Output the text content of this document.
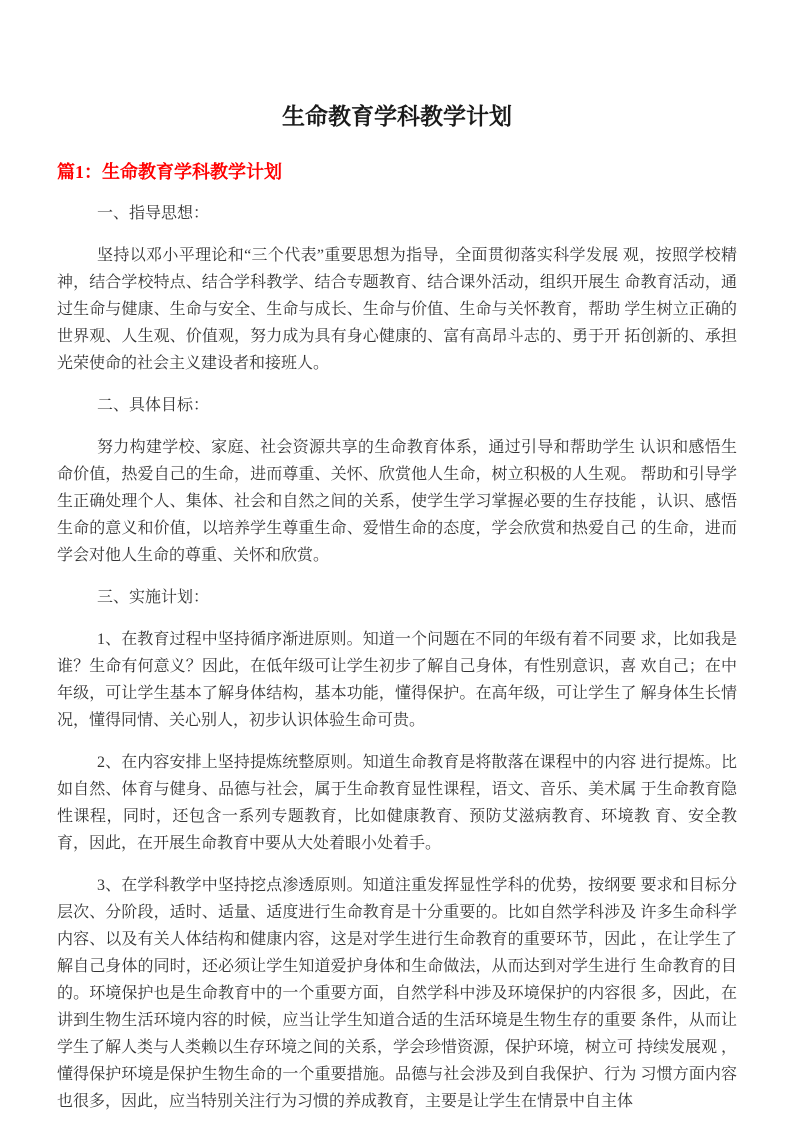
生命教育学科教学计划
篇1：生命教育学科教学计划

一、指导思想：

坚持以邓小平理论和“三个代表”重要思想为指导，全面贯彻落实科学发展 观，按照学校精神，结合学校特点、结合学科教学、结合专题教育、结合课外活动，组织开展生 命教育活动，通过生命与健康、生命与安全、生命与成长、生命与价值、生命与关怀教育，帮助 学生树立正确的世界观、人生观、价值观，努力成为具有身心健康的、富有高昂斗志的、勇于开 拓创新的、承担光荣使命的社会主义建设者和接班人。

二、具体目标：

努力构建学校、家庭、社会资源共享的生命教育体系，通过引导和帮助学生 认识和感悟生命价值，热爱自己的生命，进而尊重、关怀、欣赏他人生命，树立积极的人生观。 帮助和引导学生正确处理个人、集体、社会和自然之间的关系，使学生学习掌握必要的生存技能 ，认识、感悟生命的意义和价值，以培养学生尊重生命、爱惜生命的态度，学会欣赏和热爱自己 的生命，进而学会对他人生命的尊重、关怀和欣赏。

三、实施计划：

1、在教育过程中坚持循序渐进原则。知道一个问题在不同的年级有着不同要 求，比如我是谁？生命有何意义？因此，在低年级可让学生初步了解自己身体，有性别意识，喜 欢自己；在中年级，可让学生基本了解身体结构，基本功能，懂得保护。在高年级，可让学生了 解身体生长情况，懂得同情、关心别人，初步认识体验生命可贵。

2、在内容安排上坚持提炼统整原则。知道生命教育是将散落在课程中的内容 进行提炼。比如自然、体育与健身、品德与社会，属于生命教育显性课程，语文、音乐、美术属 于生命教育隐性课程，同时，还包含一系列专题教育，比如健康教育、预防艾滋病教育、环境教 育、安全教育，因此，在开展生命教育中要从大处着眼小处着手。

3、在学科教学中坚持挖点渗透原则。知道注重发挥显性学科的优势，按纲要 要求和目标分层次、分阶段，适时、适量、适度进行生命教育是十分重要的。比如自然学科涉及 许多生命科学内容、以及有关人体结构和健康内容，这是对学生进行生命教育的重要环节，因此 ，在让学生了解自己身体的同时，还必须让学生知道爱护身体和生命做法，从而达到对学生进行 生命教育的目的。环境保护也是生命教育中的一个重要方面，自然学科中涉及环境保护的内容很 多，因此，在讲到生物生活环境内容的时候，应当让学生知道合适的生活环境是生物生存的重要 条件，从而让学生了解人类与人类赖以生存环境之间的关系，学会珍惜资源，保护环境，树立可 持续发展观 ，懂得保护环境是保护生物生命的一个重要措施。品德与社会涉及到自我保护、行为 习惯方面内容也很多，因此，应当特别关注行为习惯的养成教育，主要是让学生在情景中自主体
